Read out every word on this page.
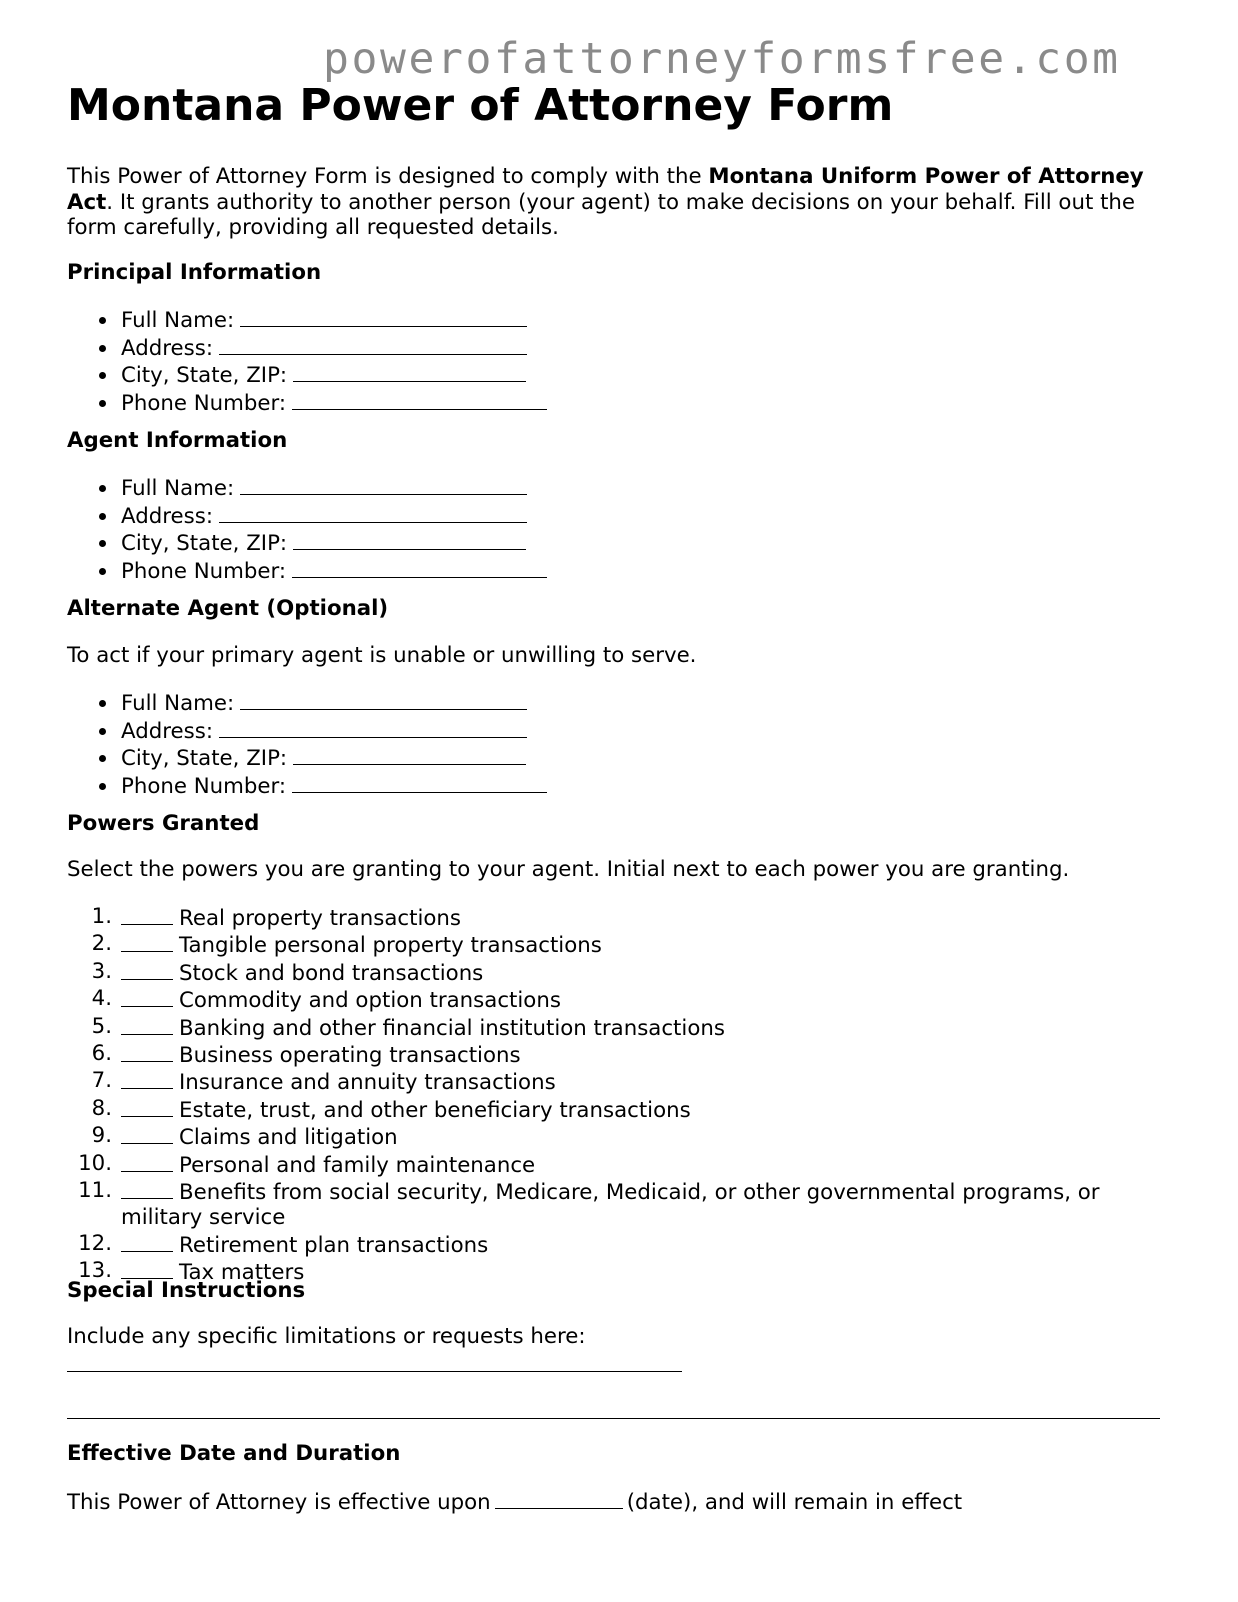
powerofattorneyformsfree.com
Montana Power of Attorney Form

This Power of Attorney Form is designed to comply with the Montana Uniform Power of Attorney Act. It grants authority to another person (your agent) to make decisions on your behalf. Fill out the form carefully, providing all requested details.

Principal Information
Full Name:
Address:
City, State, ZIP:
Phone Number:
Agent Information
Full Name:
Address:
City, State, ZIP:
Phone Number:
Alternate Agent (Optional)
To act if your primary agent is unable or unwilling to serve.
Full Name:
Address:
City, State, ZIP:
Phone Number:
Powers Granted
Select the powers you are granting to your agent. Initial next to each power you are granting.
1.	Real property transactions
2.	Tangible personal property transactions
3.	Stock and bond transactions
4.	Commodity and option transactions
5.	Banking and other financial institution transactions
6.	Business operating transactions
7.	Insurance and annuity transactions
8.	Estate, trust, and other beneficiary transactions
9.	Claims and litigation
10.	Personal and family maintenance
11.	Benefits from social security, Medicare, Medicaid, or other governmental programs, or military service
12.	Retirement plan transactions
13.	Tax matters
Special Instructions
Include any specific limitations or requests here:
Effective Date and Duration
This Power of Attorney is effective upon	(date), and will remain in effect
